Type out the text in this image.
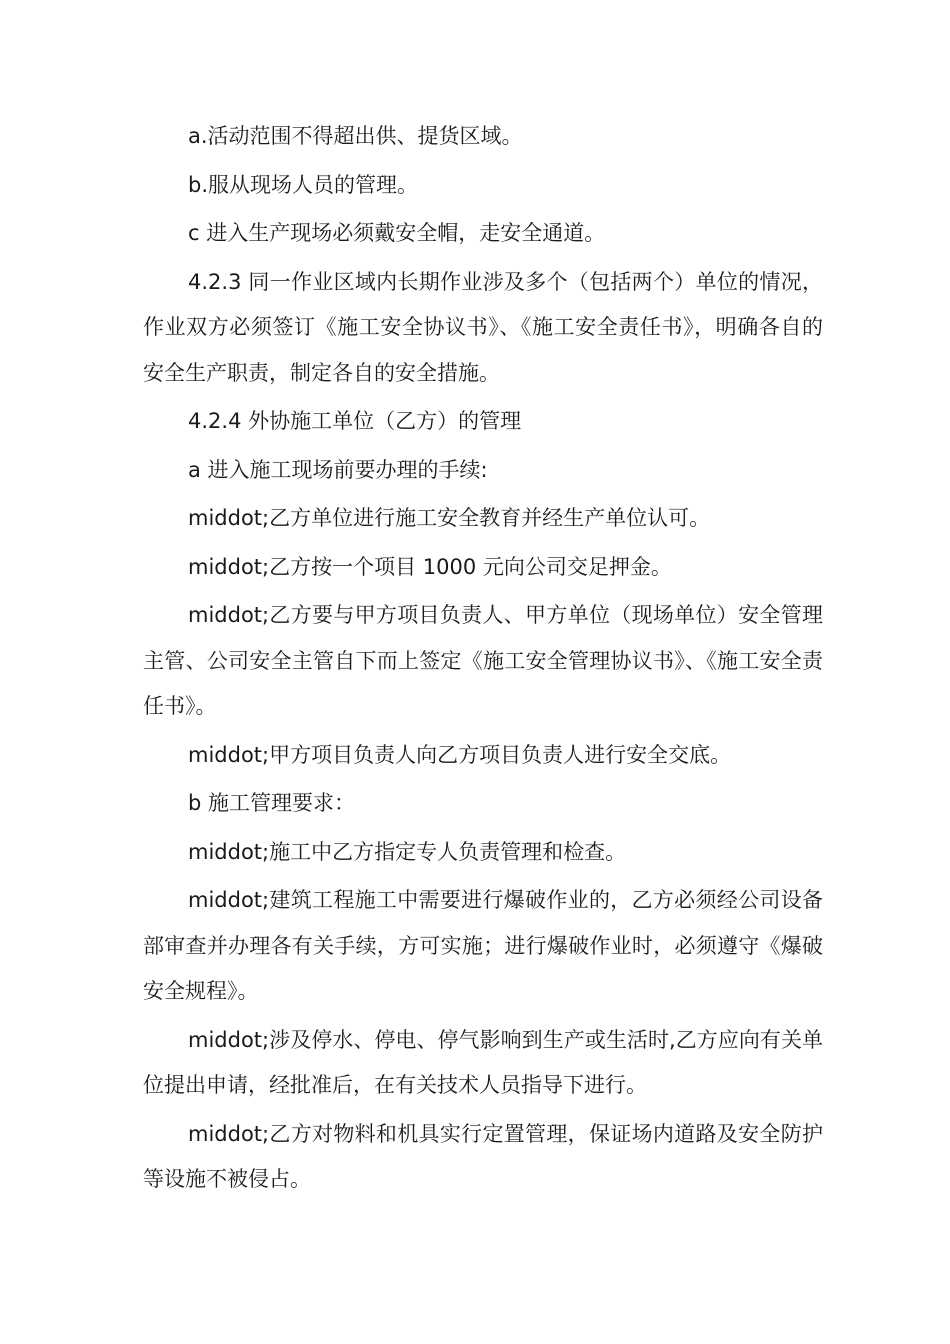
a.活动范围不得超出供、提货区域。

b.服从现场人员的管理。

c 进入生产现场必须戴安全帽，走安全通道。

4.2.3 同一作业区域内长期作业涉及多个（包括两个）单位的情况，作业双方必须签订《施工安全协议书》、《施工安全责任书》，明确各自的安全生产职责，制定各自的安全措施。

4.2.4 外协施工单位（乙方）的管理

a 进入施工现场前要办理的手续:

middot;乙方单位进行施工安全教育并经生产单位认可。

middot;乙方按一个项目 1000 元向公司交足押金。

middot;乙方要与甲方项目负责人、甲方单位（现场单位）安全管理主管、公司安全主管自下而上签定《施工安全管理协议书》、《施工安全责任书》。

middot;甲方项目负责人向乙方项目负责人进行安全交底。

b 施工管理要求：

middot;施工中乙方指定专人负责管理和检查。

middot;建筑工程施工中需要进行爆破作业的，乙方必须经公司设备部审查并办理各有关手续，方可实施；进行爆破作业时，必须遵守《爆破安全规程》。

middot;涉及停水、停电、停气影响到生产或生活时,乙方应向有关单位提出申请，经批准后，在有关技术人员指导下进行。

middot;乙方对物料和机具实行定置管理，保证场内道路及安全防护等设施不被侵占。
